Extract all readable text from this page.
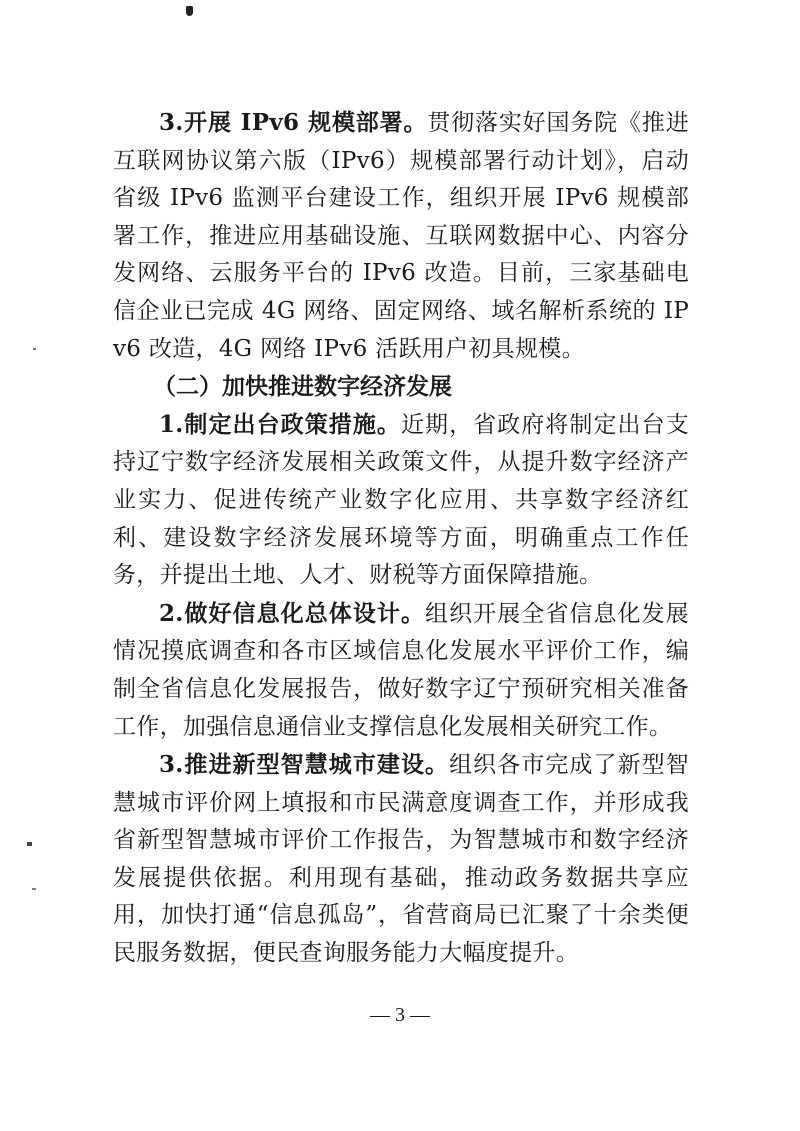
3.开展 IPv6 规模部署。贯彻落实好国务院《推进互联网协议第六版（IPv6）规模部署行动计划》，启动省级 IPv6 监测平台建设工作，组织开展 IPv6 规模部署工作，推进应用基础设施、互联网数据中心、内容分发网络、云服务平台的 IPv6 改造。目前，三家基础电信企业已完成 4G 网络、固定网络、域名解析系统的 IPv6 改造，4G 网络 IPv6 活跃用户初具规模。

（二）加快推进数字经济发展

1.制定出台政策措施。近期，省政府将制定出台支持辽宁数字经济发展相关政策文件，从提升数字经济产业实力、促进传统产业数字化应用、共享数字经济红利、建设数字经济发展环境等方面，明确重点工作任务，并提出土地、人才、财税等方面保障措施。

2.做好信息化总体设计。组织开展全省信息化发展情况摸底调查和各市区域信息化发展水平评价工作，编制全省信息化发展报告，做好数字辽宁预研究相关准备工作，加强信息通信业支撑信息化发展相关研究工作。

3.推进新型智慧城市建设。组织各市完成了新型智慧城市评价网上填报和市民满意度调查工作，并形成我省新型智慧城市评价工作报告，为智慧城市和数字经济发展提供依据。利用现有基础，推动政务数据共享应用，加快打通“信息孤岛”，省营商局已汇聚了十余类便民服务数据，便民查询服务能力大幅度提升。

— 3 —
